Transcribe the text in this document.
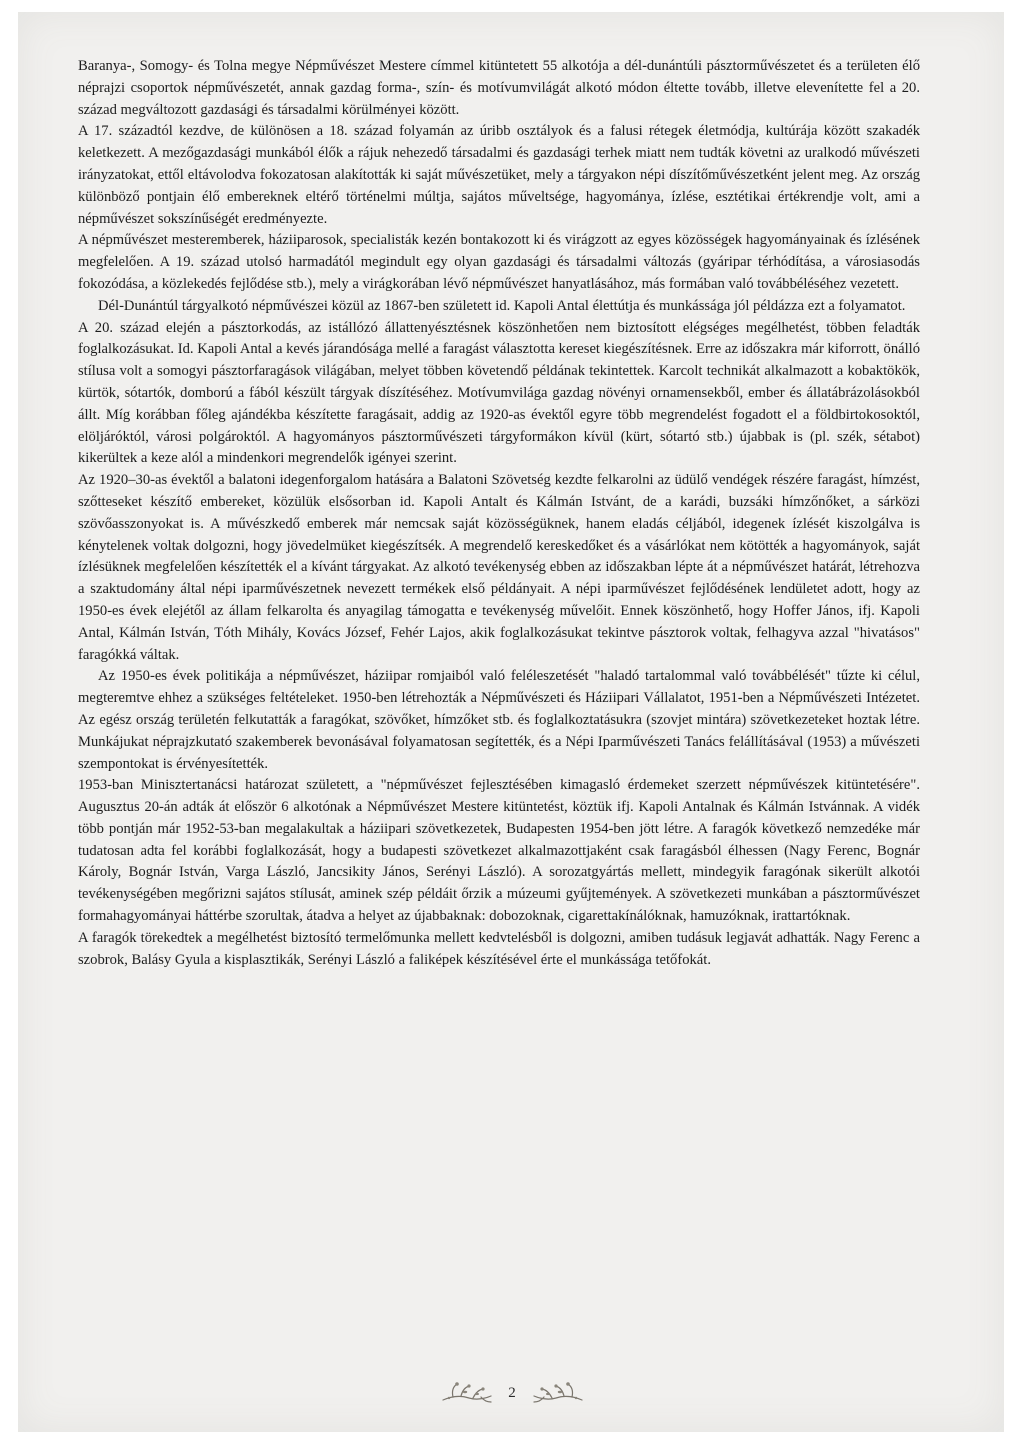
Baranya-, Somogy- és Tolna megye Népművészet Mestere címmel kitüntetett 55 alkotója a dél-dunántúli pásztorművészetet és a területen élő néprajzi csoportok népművészetét, annak gazdag forma-, szín- és motívumvilágát alkotó módon éltette tovább, illetve elevenítette fel a 20. század megváltozott gazdasági és társadalmi körülményei között.

A 17. századtól kezdve, de különösen a 18. század folyamán az úribb osztályok és a falusi rétegek életmódja, kultúrája között szakadék keletkezett. A mezőgazdasági munkából élők a rájuk nehezedő társadalmi és gazdasági terhek miatt nem tudták követni az uralkodó művészeti irányzatokat, ettől eltávolodva fokozatosan alakították ki saját művészetüket, mely a tárgyakon népi díszítőművészetként jelent meg. Az ország különböző pontjain élő embereknek eltérő történelmi múltja, sajátos műveltsége, hagyománya, ízlése, esztétikai értékrendje volt, ami a népművészet sokszínűségét eredményezte.

A népművészet mesteremberek, háziiparosok, specialisták kezén bontakozott ki és virágzott az egyes közösségek hagyományainak és ízlésének megfelelően. A 19. század utolsó harmadától megindult egy olyan gazdasági és társadalmi változás (gyáripar térhódítása, a városiasodás fokozódása, a közlekedés fejlődése stb.), mely a virágkorában lévő népművészet hanyatlásához, más formában való továbbéléséhez vezetett.

Dél-Dunántúl tárgyalkotó népművészei közül az 1867-ben született id. Kapoli Antal élettútja és munkássága jól példázza ezt a folyamatot.

A 20. század elején a pásztorkodás, az istállózó állattenyésztésnek köszönhetően nem biztosított elégséges megélhetést, többen feladták foglalkozásukat. Id. Kapoli Antal a kevés járandósága mellé a faragást választotta kereset kiegészítésnek. Erre az időszakra már kiforrott, önálló stílusa volt a somogyi pásztorfaragások világában, melyet többen követendő példának tekintettek. Karcolt technikát alkalmazott a kobaktökök, kürtök, sótartók, domború a fából készült tárgyak díszítéséhez. Motívumvilága gazdag növényi ornamensekből, ember és állatábrázolásokból állt. Míg korábban főleg ajándékba készítette faragásait, addig az 1920-as évektől egyre több megrendelést fogadott el a földbirtokosoktól, elöljáróktól, városi polgároktól. A hagyományos pásztorművészeti tárgyformákon kívül (kürt, sótartó stb.) újabbak is (pl. szék, sétabot) kikerültek a keze alól a mindenkori megrendelők igényei szerint.

Az 1920–30-as évektől a balatoni idegenforgalom hatására a Balatoni Szövetség kezdte felkarolni az üdülő vendégek részére faragást, hímzést, szőtteseket készítő embereket, közülük elsősorban id. Kapoli Antalt és Kálmán Istvánt, de a karádi, buzsáki hímzőnőket, a sárközi szövőasszonyokat is. A művészkedő emberek már nemcsak saját közösségüknek, hanem eladás céljából, idegenek ízlését kiszolgálva is kénytelenek voltak dolgozni, hogy jövedelmüket kiegészítsék. A megrendelő kereskedőket és a vásárlókat nem kötötték a hagyományok, saját ízlésüknek megfelelően készítették el a kívánt tárgyakat. Az alkotó tevékenység ebben az időszakban lépte át a népművészet határát, létrehozva a szaktudomány által népi iparművészetnek nevezett termékek első példányait. A népi iparművészet fejlődésének lendületet adott, hogy az 1950-es évek elejétől az állam felkarolta és anyagilag támogatta e tevékenység művelőit. Ennek köszönhető, hogy Hoffer János, ifj. Kapoli Antal, Kálmán István, Tóth Mihály, Kovács József, Fehér Lajos, akik foglalkozásukat tekintve pásztorok voltak, felhagyva azzal "hivatásos" faragókká váltak.

Az 1950-es évek politikája a népművészet, háziipar romjaiból való feléleszetését "haladó tartalommal való továbbélését" tűzte ki célul, megteremtve ehhez a szükséges feltételeket. 1950-ben létrehozták a Népművészeti és Háziipari Vállalatot, 1951-ben a Népművészeti Intézetet. Az egész ország területén felkutatták a faragókat, szövőket, hímzőket stb. és foglalkoztatásukra (szovjet mintára) szövetkezeteket hoztak létre. Munkájukat néprajzkutató szakemberek bevonásával folyamatosan segítették, és a Népi Iparművészeti Tanács felállításával (1953) a művészeti szempontokat is érvényesítették.

1953-ban Minisztertanácsi határozat született, a "népművészet fejlesztésében kimagasló érdemeket szerzett népművészek kitüntetésére". Augusztus 20-án adták át először 6 alkotónak a Népművészet Mestere kitüntetést, köztük ifj. Kapoli Antalnak és Kálmán Istvánnak. A vidék több pontján már 1952-53-ban megalakultak a háziipari szövetkezetek, Budapesten 1954-ben jött létre. A faragók következő nemzedéke már tudatosan adta fel korábbi foglalkozását, hogy a budapesti szövetkezet alkalmazottjaként csak faragásból élhessen (Nagy Ferenc, Bognár Károly, Bognár István, Varga László, Jancsikity János, Serényi László). A sorozatgyártás mellett, mindegyik faragónak sikerült alkotói tevékenységében megőrizni sajátos stílusát, aminek szép példáit őrzik a múzeumi gyűjtemények. A szövetkezeti munkában a pásztorművészet formahagyományai háttérbe szorultak, átadva a helyet az újabbaknak: dobozoknak, cigarettakínálóknak, hamuzóknak, irattartóknak.

A faragók törekedtek a megélhetést biztosító termelőmunka mellett kedvtelésből is dolgozni, amiben tudásuk legjavát adhatták. Nagy Ferenc a szobrok, Balásy Gyula a kisplasztikák, Serényi László a faliképek készítésével érte el munkássága tetőfokát.

2
